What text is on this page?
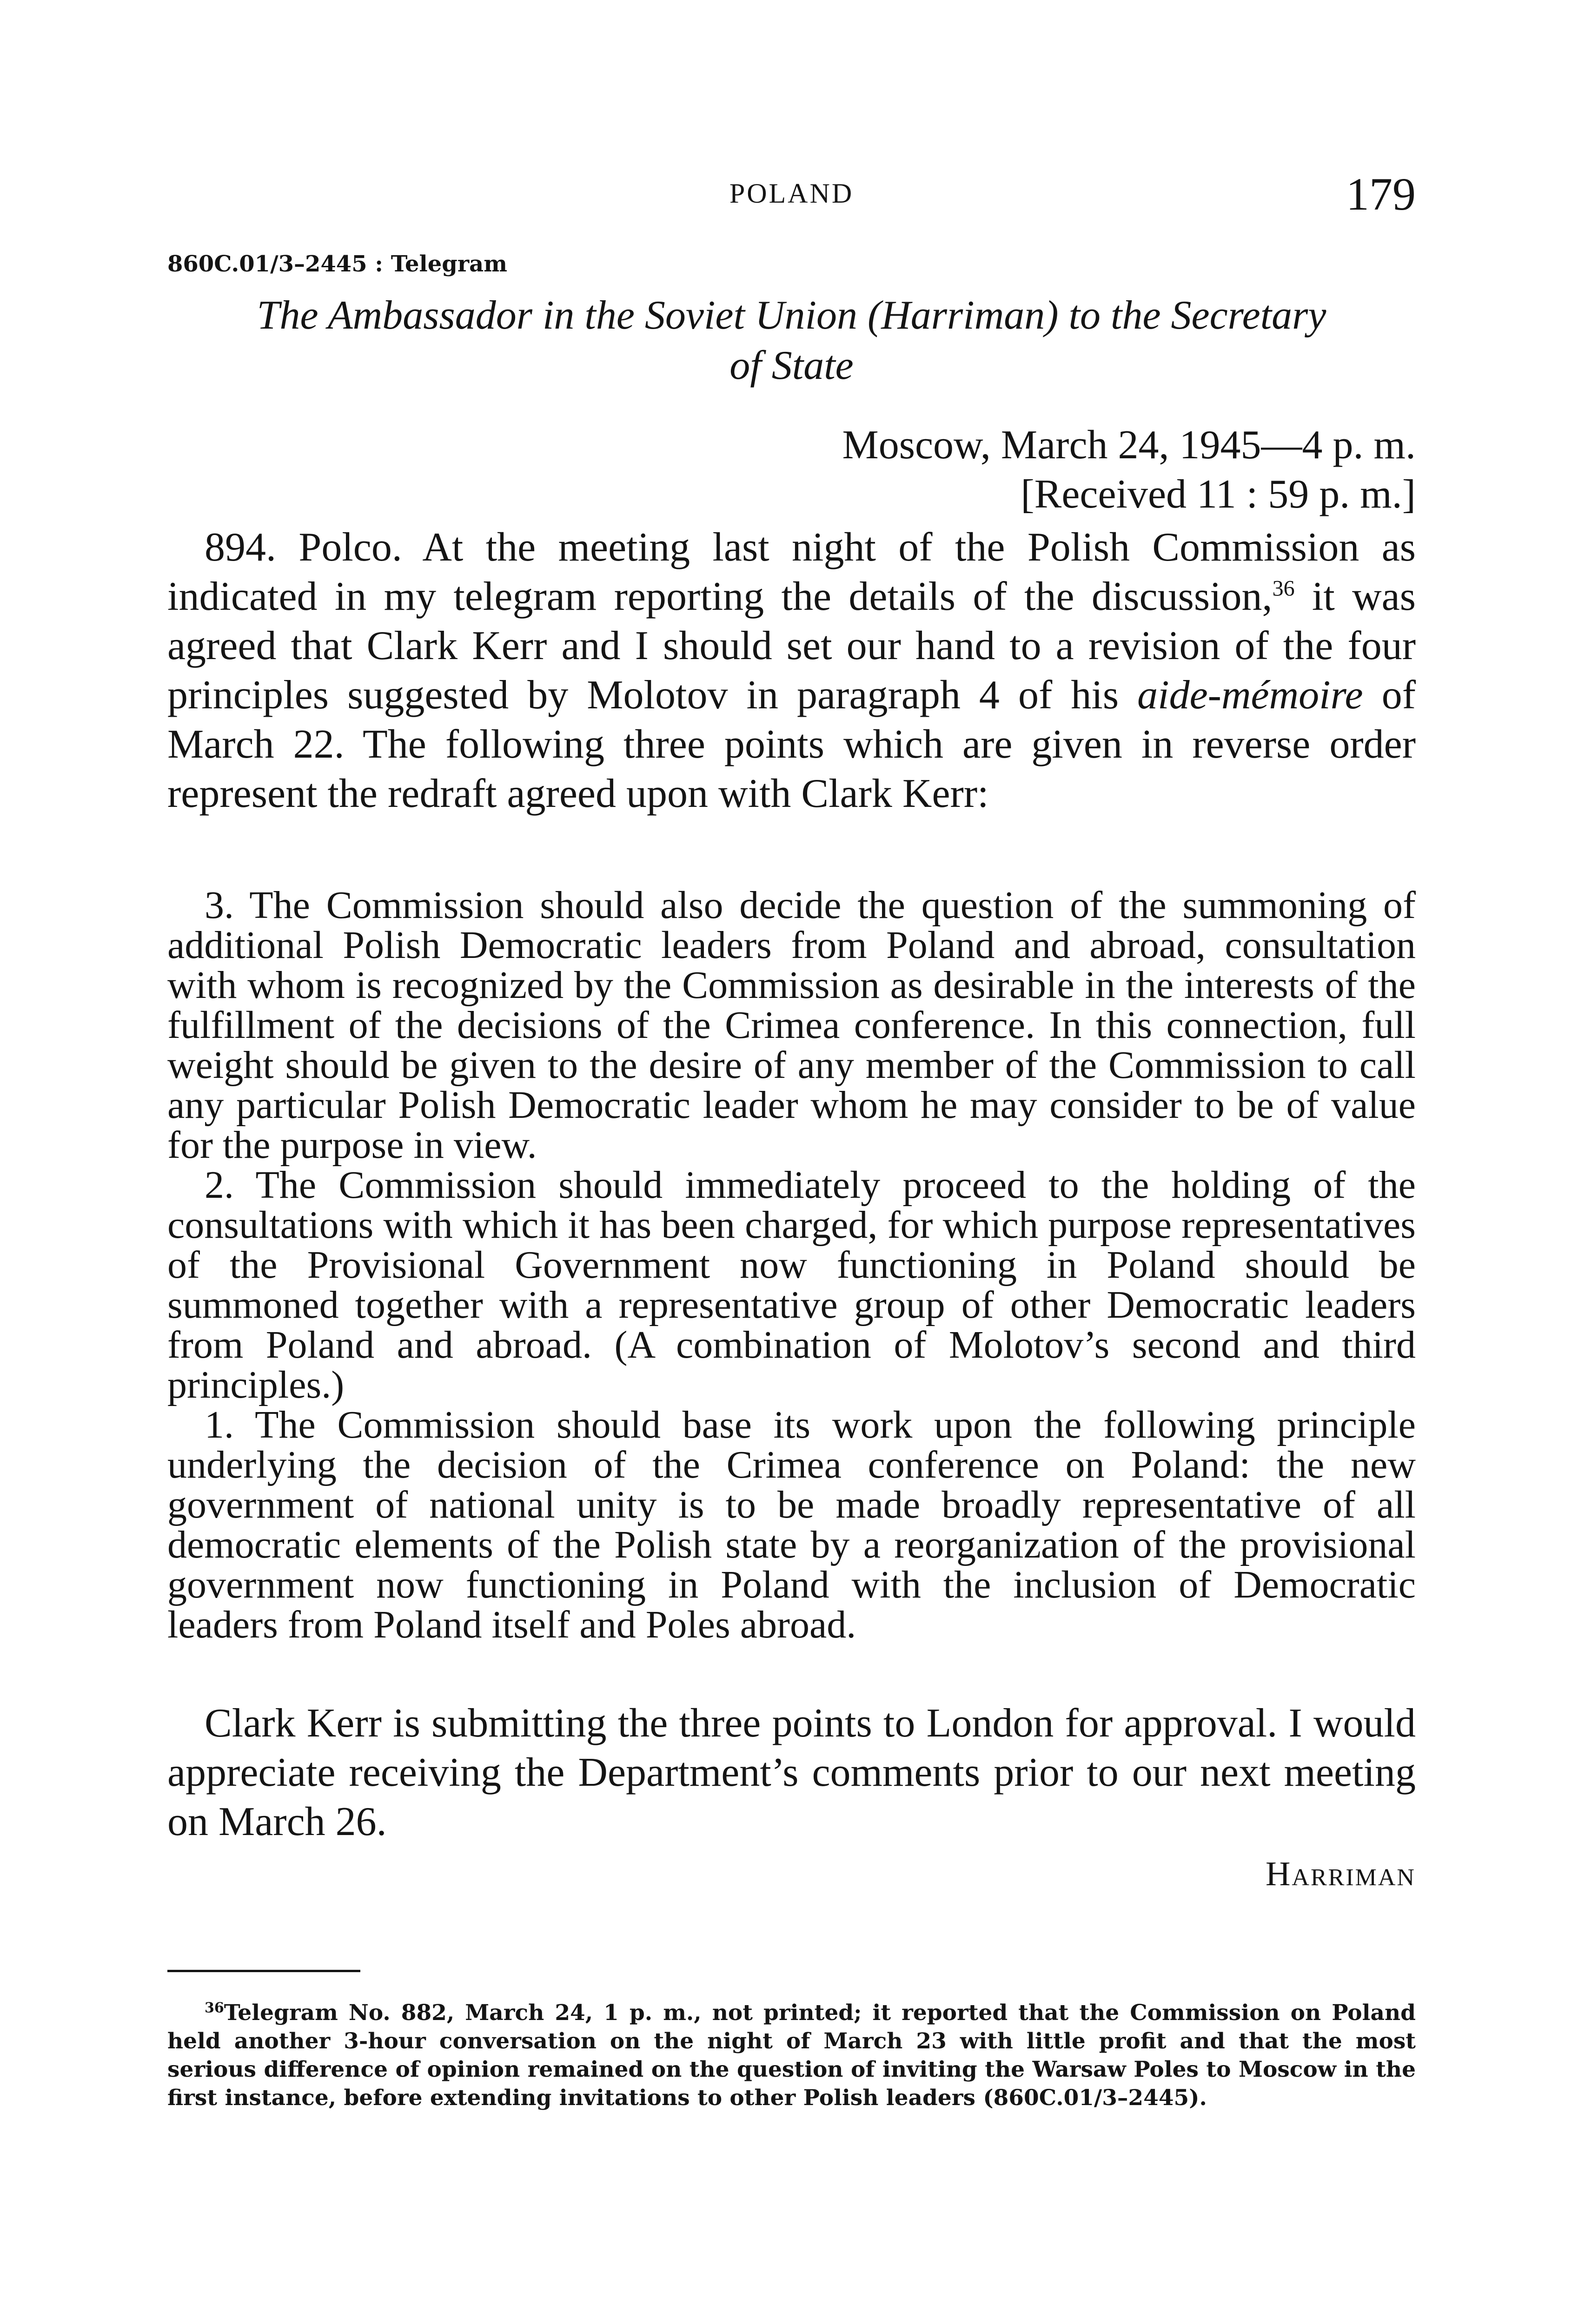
POLAND	179
860C.01/3–2445 : Telegram
The Ambassador in the Soviet Union (Harriman) to the Secretary
of State
Moscow, March 24, 1945—4 p. m.
[Received 11 : 59 p. m.]

894. Polco. At the meeting last night of the Polish Commission as indicated in my telegram reporting the details of the discussion,$^{36}$ it was agreed that Clark Kerr and I should set our hand to a revision of the four principles suggested by Molotov in paragraph 4 of his aide-mémoire of March 22. The following three points which are given in reverse order represent the redraft agreed upon with Clark Kerr:

3. The Commission should also decide the question of the summoning of additional Polish Democratic leaders from Poland and abroad, consultation with whom is recognized by the Commission as desirable in the interests of the fulfillment of the decisions of the Crimea conference. In this connection, full weight should be given to the desire of any member of the Commission to call any particular Polish Democratic leader whom he may consider to be of value for the purpose in view.

2. The Commission should immediately proceed to the holding of the consultations with which it has been charged, for which purpose representatives of the Provisional Government now functioning in Poland should be summoned together with a representative group of other Democratic leaders from Poland and abroad. (A combination of Molotov’s second and third principles.)

1. The Commission should base its work upon the following principle underlying the decision of the Crimea conference on Poland: the new government of national unity is to be made broadly representative of all democratic elements of the Polish state by a reorganization of the provisional government now functioning in Poland with the inclusion of Democratic leaders from Poland itself and Poles abroad.

Clark Kerr is submitting the three points to London for approval. I would appreciate receiving the Department’s comments prior to our next meeting on March 26.

Harriman

$^{36}$Telegram No. 882, March 24, 1 p. m., not printed; it reported that the Commission on Poland held another 3-hour conversation on the night of March 23 with little profit and that the most serious difference of opinion remained on the question of inviting the Warsaw Poles to Moscow in the first instance, before extending invitations to other Polish leaders (860C.01/3–2445).
